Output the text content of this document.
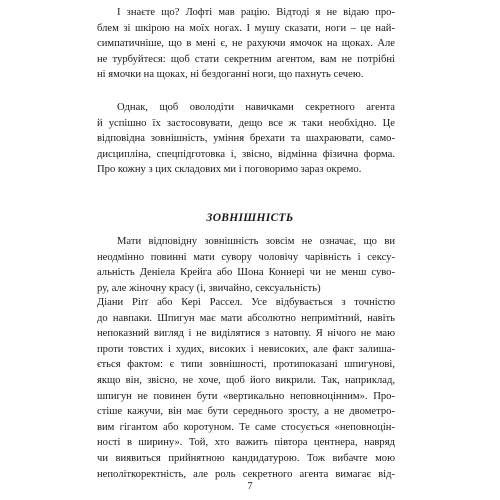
І знаєте що? Лофті мав рацію. Відтоді я не відаю про-
блем зі шкірою на моїх ногах. І мушу сказати, ноги – це най-
симпатичніше, що в мені є, не рахуючи ямочок на щоках. Але
не турбуйтеся: щоб стати секретним агентом, вам не потрібні
ні ямочки на щоках, ні бездоганні ноги, що пахнуть сечею.
Однак, щоб оволодіти навичками секретного агента
й успішно їх застосовувати, дещо все ж таки необхідно. Це
відповідна зовнішність, уміння брехати та шахраювати, само-
дисципліна, спецпідготовка і, звісно, відмінна фізична форма.
Про кожну з цих складових ми і поговоримо зараз окремо.
ЗОВНІШНІСТЬ
Мати відповідну зовнішність зовсім не означає, що ви
неодмінно повинні мати сувору чоловічу чарівність і сексу-
альність Деніела Крейга або Шона Коннері чи не менш суво-
ру, але жіночну красу (і, звичайно, сексуальність)
Діани Ріґґ або Кері Рассел. Усе відбувається з точністю
до навпаки. Шпигун має мати абсолютно непримітний, навіть
непоказний вигляд і не виділятися з натовпу. Я нічого не маю
проти товстих і худих, високих і невисоких, але факт залиша-
ється фактом: є типи зовнішності, протипоказані шпигунові,
якщо він, звісно, не хоче, щоб його викрили. Так, наприклад,
шпигун не повинен бути «вертикально неповноцінним». Про-
стіше кажучи, він має бути середнього зросту, а не двометро-
вим гігантом або коротуном. Те саме стосується «неповноцін-
ності в ширину». Той, хто важить півтора центнера, навряд
чи виявиться прийнятною кандидатурою. Тож вибачте мою
неполіткоректність, але роль секретного агента вимагає від-
7
